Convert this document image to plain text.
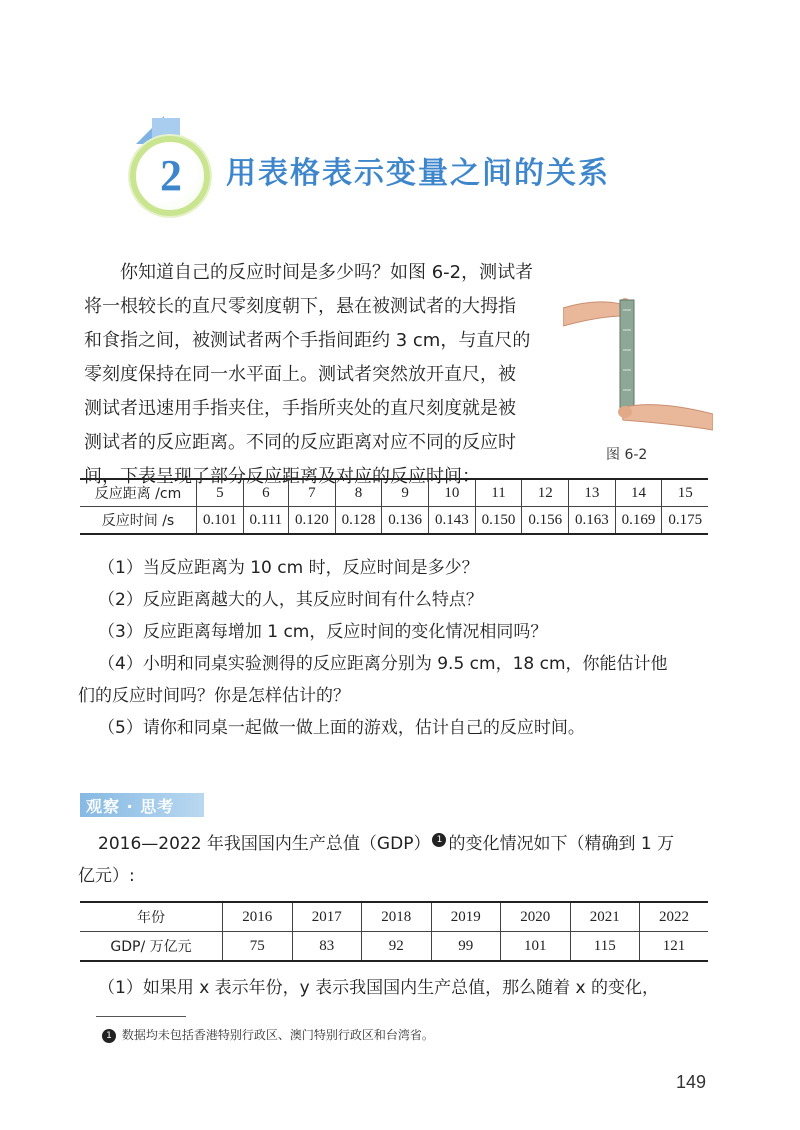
2	用表格表示变量之间的关系
你知道自己的反应时间是多少吗？如图 6-2，测试者
将一根较长的直尺零刻度朝下，悬在被测试者的大拇指
和食指之间，被测试者两个手指间距约 3 cm，与直尺的
零刻度保持在同一水平面上。测试者突然放开直尺，被
测试者迅速用手指夹住，手指所夹处的直尺刻度就是被
测试者的反应距离。不同的反应距离对应不同的反应时
间，下表呈现了部分反应距离及对应的反应时间：
图 6-2
反应距离 /cm	5	6	7	8	9	10	11	12	13	14	15
反应时间 /s	0.101	0.111	0.120	0.128	0.136	0.143	0.150	0.156	0.163	0.169	0.175
（1）当反应距离为 10 cm 时，反应时间是多少？
（2）反应距离越大的人，其反应时间有什么特点？
（3）反应距离每增加 1 cm，反应时间的变化情况相同吗？
（4）小明和同桌实验测得的反应距离分别为 9.5 cm，18 cm，你能估计他
们的反应时间吗？你是怎样估计的？
（5）请你和同桌一起做一做上面的游戏，估计自己的反应时间。
观察 · 思考
2016—2022 年我国国内生产总值（GDP） 1 的变化情况如下（精确到 1 万
亿元）:
年份	2016	2017	2018	2019	2020	2021	2022
GDP/ 万亿元	75	83	92	99	101	115	121
（1）如果用 x 表示年份，y 表示我国国内生产总值，那么随着 x 的变化，
1 数据均未包括香港特别行政区、澳门特别行政区和台湾省。
149
